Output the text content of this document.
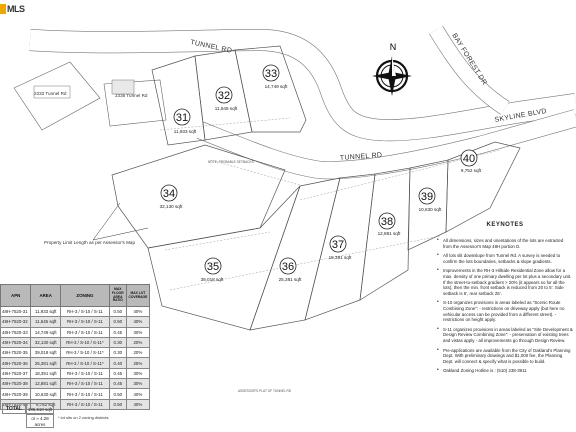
MLS
TUNNEL RD
TUNNEL RD
BAY FOREST DR
SKYLINE BLVD
N
2333 Tunnel Rd	2335 Tunnel Rd
31
11,933 sqft
32
11,645 sqft
33
14,749 sqft
34
32,130 sqft
35
39,018 sqft
36
25,381 sqft
37
18,391 sqft
38
12,881 sqft
39
10,630 sqft
40
9,752 sqft
NOTE: PROBABLE SETBACKS
Property Limit Length as per Assessor's Map
ASSESSOR'S PLAT OF TUNNEL RD
APN	AREA	ZONING	MAX FLOOR AREA RATIO	MAX LOT COVERAGE
48H-7520-31	11,933 sqft	RH-3 / S-10 / S-11	0.50	40%
48H-7520-32	11,645 sqft	RH-3 / S-10 / S-11	0.50	40%
48H-7520-33	14,749 sqft	RH-3 / S-10 / S-11	0.45	30%
48H-7520-34	32,130 sqft	RH-3 / S-10 / S-11*	0.30	20%
48H-7520-35	39,018 sqft	RH-3 / S-10 / S-11*	0.30	20%
48H-7520-36	25,381 sqft	RH-3 / S-10 / S-11*	0.40	25%
48H-7520-37	18,391 sqft	RH-3 / S-10 / S-11	0.45	30%
48H-7520-38	12,881 sqft	RH-3 / S-10 / S-11	0.45	30%
48H-7520-39	10,630 sqft	RH-3 / S-10 / S-11	0.50	40%
48H-7520-40	9,752 sqft	RH-3 / S-10 / S-11	0.50	40%
TOTAL	186,510 sqft
or ≈ 4.28 acres
* lot sits on 2 zoning districts
KEYNOTES
• All dimensions, sizes and orientations of the lots are extracted from the Assessor's Map 48H portion D.
• All lots slit downslope from Tunnel Rd. A survey is needed to confirm the lots boundaries, setbacks & slope gradients.
• Improvements in the RH-3 Hillside Residential Zone allow for a max. density of one primary dwelling per lot plus a secondary unit. If the street-to-setback gradient > 20% (it appears so for all the lots), then the min. front setback is reduced from 20 to 5'. Side setback is 6', rear setback 25'.
• S-10 organizes provisions in areas labeled as "Scenic Route Combining Zone": - restrictions on driveway apply (but here no vehicular access can be provided from a different street). - restrictions on height apply.
• S-11 organizes provisions in areas labeled as "Site Development & Design Review Combining Zone": - preservation of existing trees and vistas apply - all improvements go through Design Review.
• Pre-applications are available from the City of Oakland's Planning Dept. With preliminary drawings and $1,000 fee, the Planning Dept. will connect & specify what is possible to build.
• Oakland Zoning Hotline is : (510) 238-3911
